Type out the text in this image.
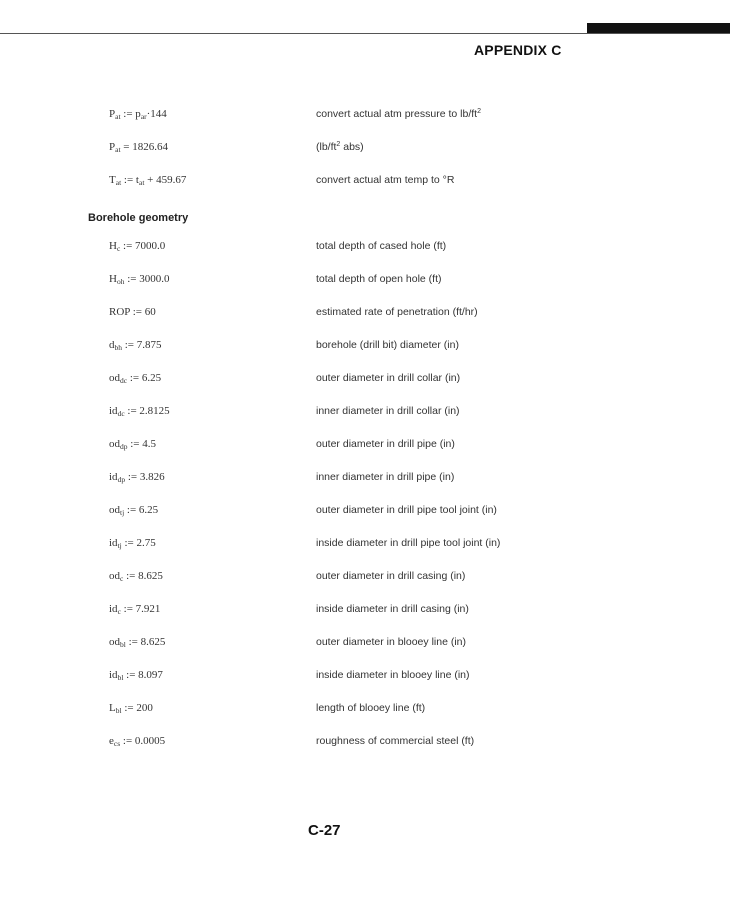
APPENDIX C
$P_{at}$ := $p_{ar}\cdot 144$	convert actual atm pressure to $lb/ft^2$
$P_{at} = 1826.64$	($lb/ft^2$ abs)
$T_{at}$ := $t_{at} + 459.67$	convert actual atm temp to °R
Borehole geometry
$H_c$ := 7000.0	total depth of cased hole (ft)
$H_{oh}$ := 3000.0	total depth of open hole (ft)
ROP := 60	estimated rate of penetration (ft/hr)
$d_{bh}$ := 7.875	borehole (drill bit) diameter (in)
$od_{dc}$ := 6.25	outer diameter in drill collar (in)
$id_{dc}$ := 2.8125	inner diameter in drill collar (in)
$od_{dp}$ := 4.5	outer diameter in drill pipe (in)
$id_{dp}$ := 3.826	inner diameter in drill pipe (in)
$od_{tj}$ := 6.25	outer diameter in drill pipe tool joint (in)
$id_{tj}$ := 2.75	inside diameter in drill pipe tool joint (in)
$od_c$ := 8.625	outer diameter in drill casing (in)
$id_c$ := 7.921	inside diameter in drill casing (in)
$od_{bl}$ := 8.625	outer diameter in blooey line (in)
$id_{bl}$ := 8.097	inside diameter in blooey line (in)
$L_{bl}$ := 200	length of blooey line (ft)
$e_{cs}$ := 0.0005	roughness of commercial steel (ft)
C-27
